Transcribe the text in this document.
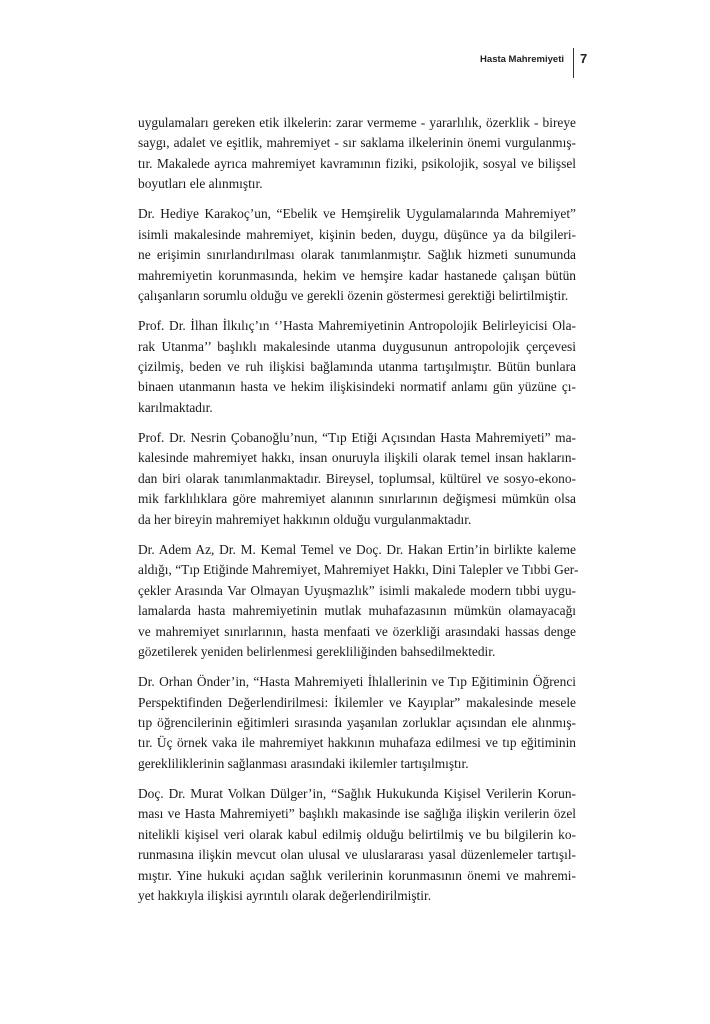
Hasta Mahremiyeti 7

uygulamaları gereken etik ilkelerin: zarar vermeme - yararlılık, özerklik - bireye
saygı, adalet ve eşitlik, mahremiyet - sır saklama ilkelerinin önemi vurgulanmış-
tır. Makalede ayrıca mahremiyet kavramının fiziki, psikolojik, sosyal ve bilişsel
boyutları ele alınmıştır.

Dr. Hediye Karakoç’un, “Ebelik ve Hemşirelik Uygulamalarında Mahremiyet”
isimli makalesinde mahremiyet, kişinin beden, duygu, düşünce ya da bilgileri-
ne erişimin sınırlandırılması olarak tanımlanmıştır. Sağlık hizmeti sunumunda
mahremiyetin korunmasında, hekim ve hemşire kadar hastanede çalışan bütün
çalışanların sorumlu olduğu ve gerekli özenin göstermesi gerektiği belirtilmiştir.

Prof. Dr. İlhan İlkılıç’ın ‘’Hasta Mahremiyetinin Antropolojik Belirleyicisi Ola-
rak Utanma’’ başlıklı makalesinde utanma duygusunun antropolojik çerçevesi
çizilmiş, beden ve ruh ilişkisi bağlamında utanma tartışılmıştır. Bütün bunlara
binaen utanmanın hasta ve hekim ilişkisindeki normatif anlamı gün yüzüne çı-
karılmaktadır.

Prof. Dr. Nesrin Çobanoğlu’nun, “Tıp Etiği Açısından Hasta Mahremiyeti” ma-
kalesinde mahremiyet hakkı, insan onuruyla ilişkili olarak temel insan hakların-
dan biri olarak tanımlanmaktadır. Bireysel, toplumsal, kültürel ve sosyo-ekono-
mik farklılıklara göre mahremiyet alanının sınırlarının değişmesi mümkün olsa
da her bireyin mahremiyet hakkının olduğu vurgulanmaktadır.

Dr. Adem Az, Dr. M. Kemal Temel ve Doç. Dr. Hakan Ertin’in birlikte kaleme
aldığı, “Tıp Etiğinde Mahremiyet, Mahremiyet Hakkı, Dini Talepler ve Tıbbi Ger-
çekler Arasında Var Olmayan Uyuşmazlık” isimli makalede modern tıbbi uygu-
lamalarda hasta mahremiyetinin mutlak muhafazasının mümkün olamayacağı
ve mahremiyet sınırlarının, hasta menfaati ve özerkliği arasındaki hassas denge
gözetilerek yeniden belirlenmesi gerekliliğinden bahsedilmektedir.

Dr. Orhan Önder’in, “Hasta Mahremiyeti İhlallerinin ve Tıp Eğitiminin Öğrenci
Perspektifinden Değerlendirilmesi: İkilemler ve Kayıplar” makalesinde mesele
tıp öğrencilerinin eğitimleri sırasında yaşanılan zorluklar açısından ele alınmış-
tır. Üç örnek vaka ile mahremiyet hakkının muhafaza edilmesi ve tıp eğitiminin
gerekliliklerinin sağlanması arasındaki ikilemler tartışılmıştır.

Doç. Dr. Murat Volkan Dülger’in, “Sağlık Hukukunda Kişisel Verilerin Korun-
ması ve Hasta Mahremiyeti” başlıklı makasinde ise sağlığa ilişkin verilerin özel
nitelikli kişisel veri olarak kabul edilmiş olduğu belirtilmiş ve bu bilgilerin ko-
runmasına ilişkin mevcut olan ulusal ve uluslararası yasal düzenlemeler tartışıl-
mıştır. Yine hukuki açıdan sağlık verilerinin korunmasının önemi ve mahremi-
yet hakkıyla ilişkisi ayrıntılı olarak değerlendirilmiştir.
